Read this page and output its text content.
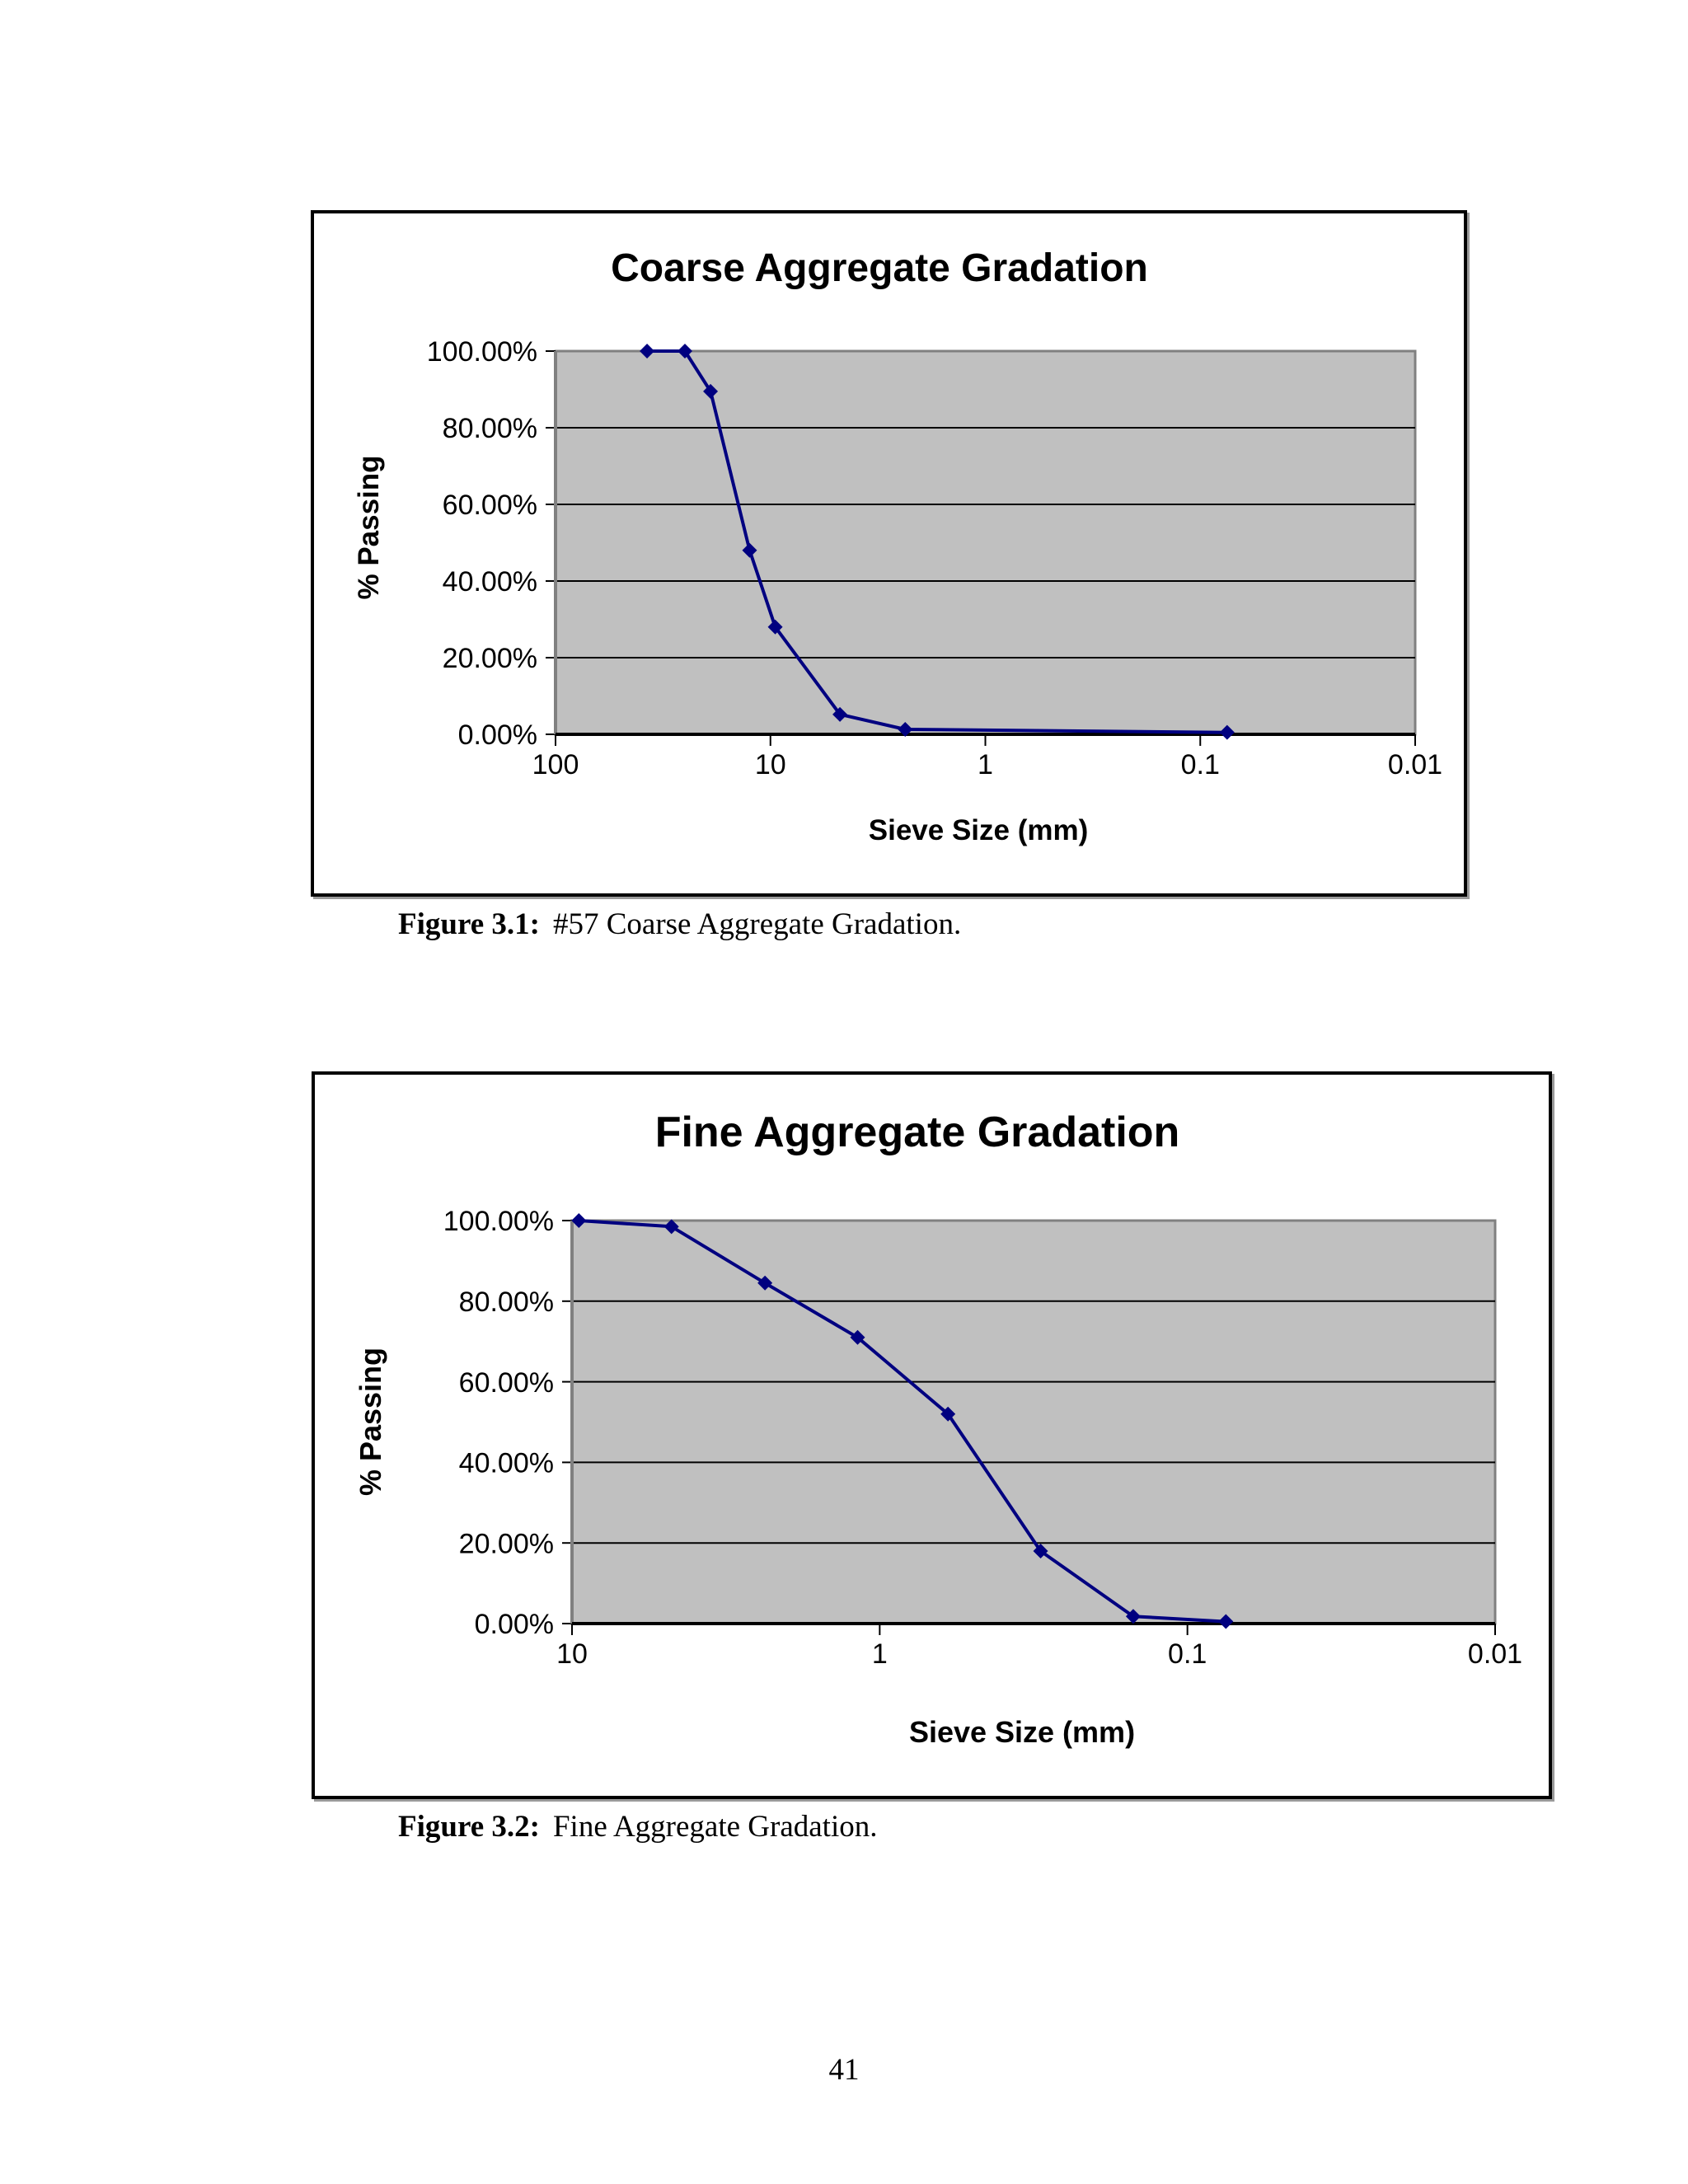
Coarse Aggregate Gradation
0.00%
20.00%
40.00%
60.00%
80.00%
100.00%
100	10	1	0.1	0.01
Sieve Size (mm)
% Passing
Figure 3.1: #57 Coarse Aggregate Gradation.
Fine Aggregate Gradation
0.00%
20.00%
40.00%
60.00%
80.00%
100.00%
10	1	0.1	0.01
Sieve Size (mm)
% Passing
Figure 3.2: Fine Aggregate Gradation.
41
